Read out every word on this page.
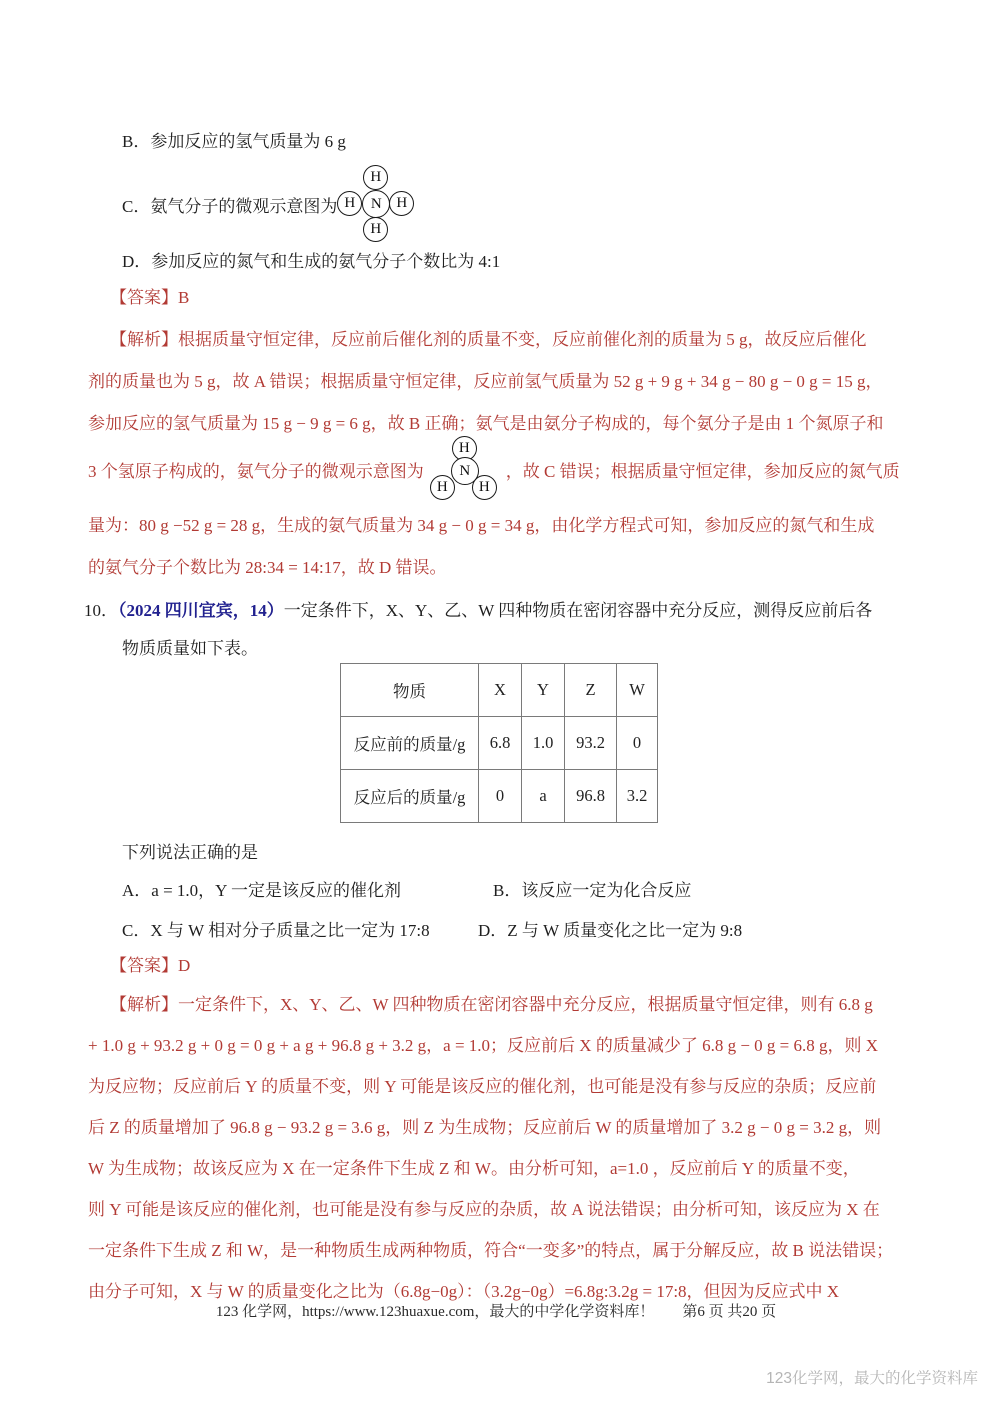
B．参加反应的氢气质量为 6 g
C．氨气分子的微观示意图为
H
H	N H
H
D．参加反应的氮气和生成的氨气分子个数比为 4:1
【答案】B
【解析】根据质量守恒定律，反应前后催化剂的质量不变，反应前催化剂的质量为 5 g，故反应后催化
剂的质量也为 5 g，故 A 错误；根据质量守恒定律，反应前氢气质量为 52 g + 9 g + 34 g − 80 g − 0 g = 15 g，
参加反应的氢气质量为 15 g − 9 g = 6 g，故 B 正确；氨气是由氨分子构成的，每个氨分子是由 1 个氮原子和
3 个氢原子构成的，氨气分子的微观示意图为
H
N
H	H
，故 C 错误；根据质量守恒定律，参加反应的氮气质
量为：80 g −52 g = 28 g，生成的氨气质量为 34 g − 0 g = 34 g，由化学方程式可知，参加反应的氮气和生成
的氨气分子个数比为 28:34 = 14:17，故 D 错误。
10．（2024 四川宜宾，14）一定条件下，X、Y、乙、W 四种物质在密闭容器中充分反应，测得反应前后各
物质质量如下表。
物质	X	Y	Z	W
反应前的质量/g	6.8	1.0	93.2	0
反应后的质量/g	0	a	96.8	3.2
下列说法正确的是
A．a = 1.0，Y 一定是该反应的催化剂	B．该反应一定为化合反应
C．X 与 W 相对分子质量之比一定为 17:8	D．Z 与 W 质量变化之比一定为 9:8
【答案】D
【解析】一定条件下，X、Y、乙、W 四种物质在密闭容器中充分反应，根据质量守恒定律，则有 6.8 g
+ 1.0 g + 93.2 g + 0 g = 0 g + a g + 96.8 g + 3.2 g，a = 1.0；反应前后 X 的质量减少了 6.8 g − 0 g = 6.8 g，则 X
为反应物；反应前后 Y 的质量不变，则 Y 可能是该反应的催化剂，也可能是没有参与反应的杂质；反应前
后 Z 的质量增加了 96.8 g − 93.2 g = 3.6 g，则 Z 为生成物；反应前后 W 的质量增加了 3.2 g − 0 g = 3.2 g，则
W 为生成物；故该反应为 X 在一定条件下生成 Z 和 W。由分析可知，a=1.0 ，反应前后 Y 的质量不变，
则 Y 可能是该反应的催化剂，也可能是没有参与反应的杂质，故 A 说法错误；由分析可知，该反应为 X 在
一定条件下生成 Z 和 W，是一种物质生成两种物质，符合“一变多”的特点，属于分解反应，故 B 说法错误；
由分子可知，X 与 W 的质量变化之比为（6.8g−0g）：（3.2g−0g）=6.8g:3.2g = 17:8，但因为反应式中 X
123 化学网，https://www.123huaxue.com，最大的中学化学资料库！ 第6 页 共20 页
123化学网，最大的化学资料库
